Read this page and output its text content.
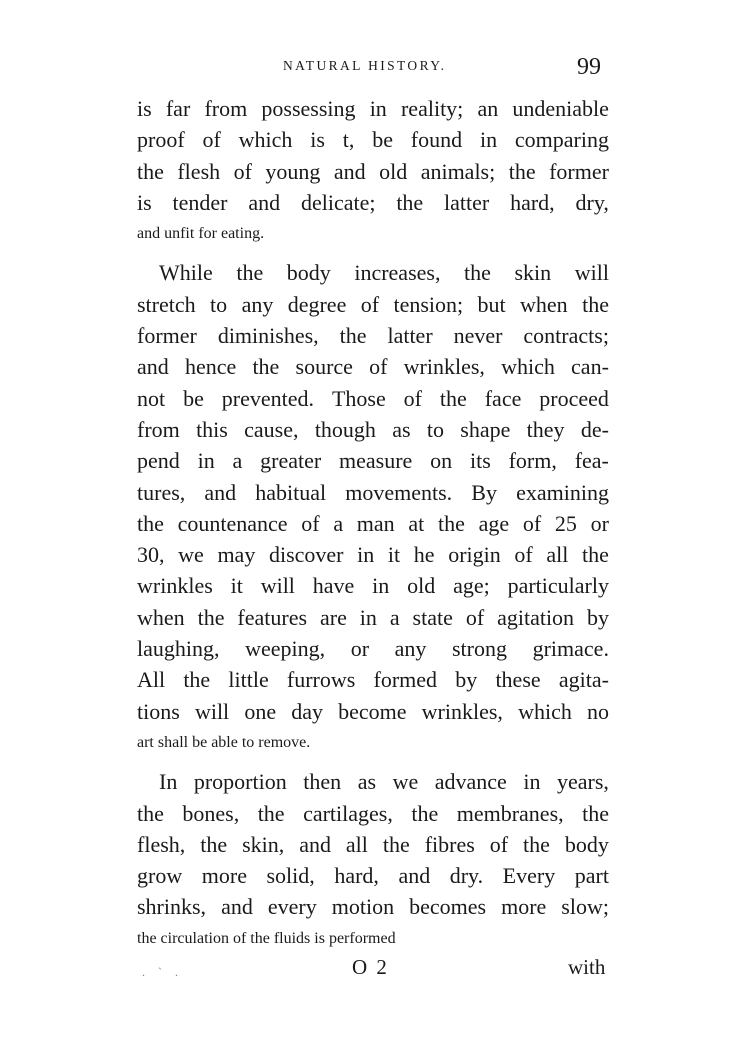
NATURAL HISTORY.	99
is far from possessing in reality; an undeniable
proof of which is t, be found in comparing
the flesh of young and old animals; the former
is tender and delicate; the latter hard, dry,
and unfit for eating.
While the body increases, the skin will
stretch to any degree of tension; but when the
former diminishes, the latter never contracts;
and hence the source of wrinkles, which can-
not be prevented. Those of the face proceed
from this cause, though as to shape they de-
pend in a greater measure on its form, fea-
tures, and habitual movements. By examining
the countenance of a man at the age of 25 or
30, we may discover in it he origin of all the
wrinkles it will have in old age; particularly
when the features are in a state of agitation by
laughing, weeping, or any strong grimace.
All the little furrows formed by these agita-
tions will one day become wrinkles, which no
art shall be able to remove.
In proportion then as we advance in years,
the bones, the cartilages, the membranes, the
flesh, the skin, and all the fibres of the body
grow more solid, hard, and dry. Every part
shrinks, and every motion becomes more slow;
the circulation of the fluids is performed
. ` .	O 2	with
